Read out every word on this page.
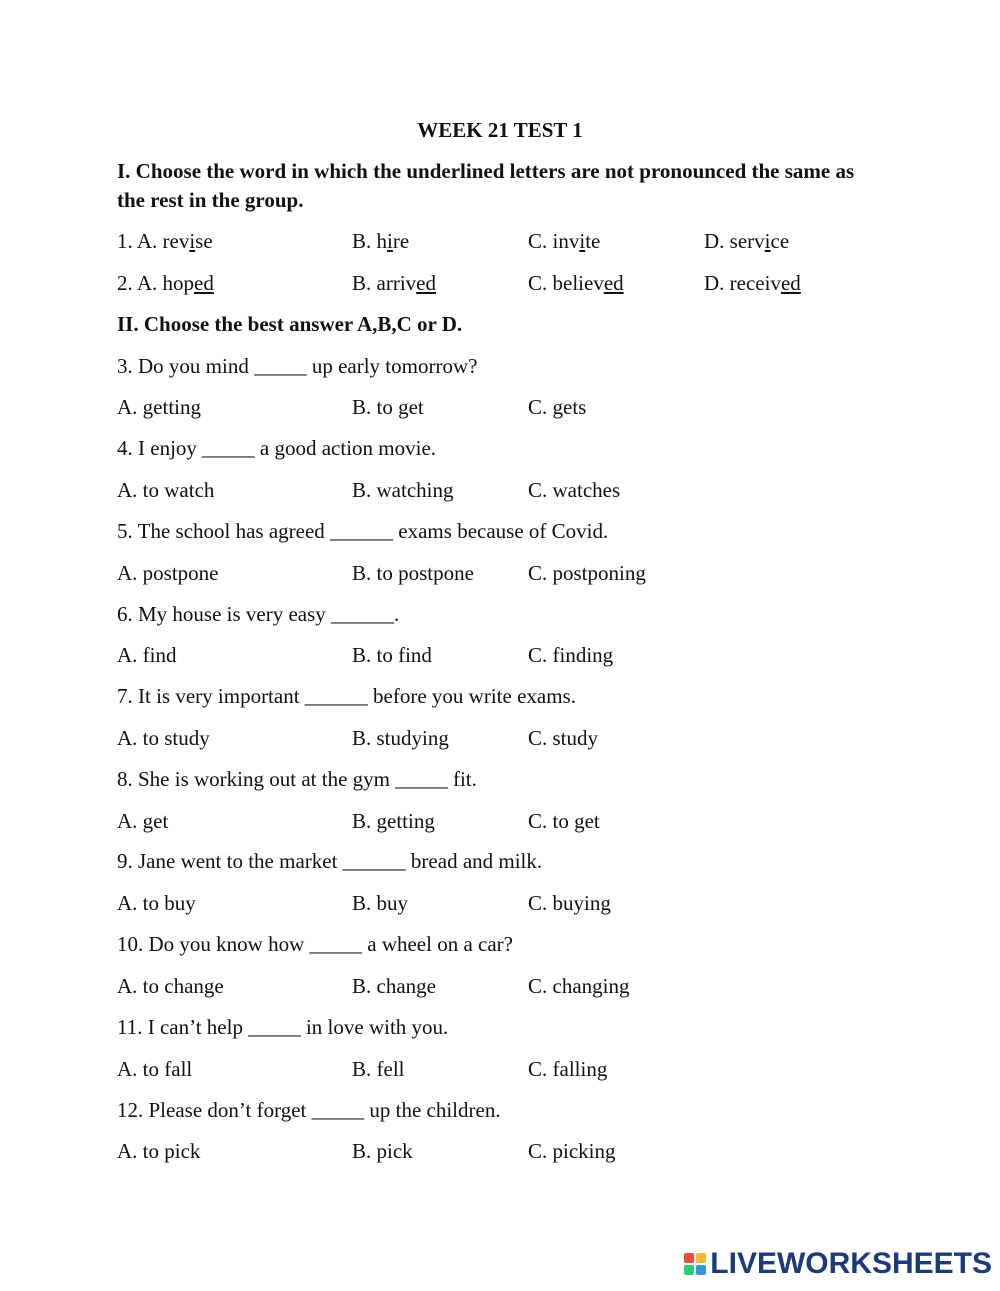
WEEK 21 TEST 1
I. Choose the word in which the underlined letters are not pronounced the same as the rest in the group.
1. A. revise	B. hire	C. invite	D. service
2. A. hoped	B. arrived	C. believed	D. received
II. Choose the best answer A,B,C or D.
3. Do you mind _____ up early tomorrow?
A. getting	B. to get	C. gets
4. I enjoy _____ a good action movie.
A. to watch	B. watching	C. watches
5. The school has agreed ______ exams because of Covid.
A. postpone	B. to postpone	C. postponing
6. My house is very easy ______.
A. find	B. to find	C. finding
7. It is very important ______ before you write exams.
A. to study	B. studying	C. study
8. She is working out at the gym _____ fit.
A. get	B. getting	C. to get
9. Jane went to the market ______ bread and milk.
A. to buy	B. buy	C. buying
10. Do you know how _____ a wheel on a car?
A. to change	B. change	C. changing
11. I can’t help _____ in love with you.
A. to fall	B. fell	C. falling
12. Please don’t forget _____ up the children.
A. to pick	B. pick	C. picking
LIVEWORKSHEETS
